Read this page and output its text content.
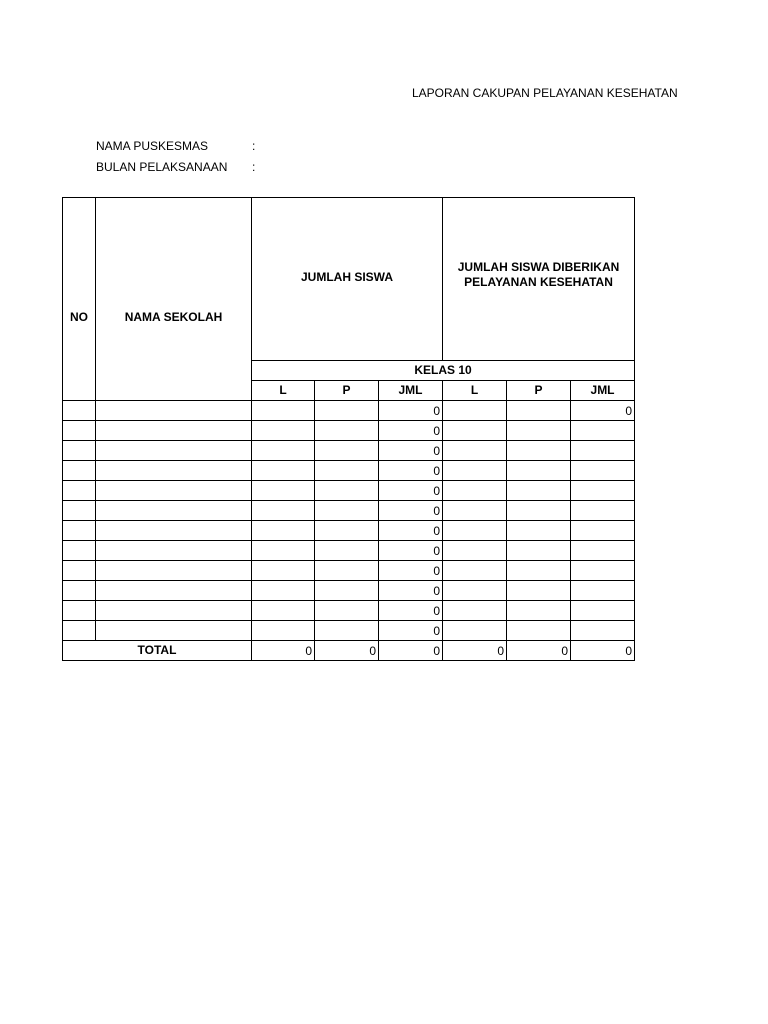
LAPORAN CAKUPAN PELAYANAN KESEHATAN
NAMA PUSKESMAS	:
BULAN PELAKSANAAN :
NO	NAMA SEKOLAH	JUMLAH SISWA			JUMLAH SISWA DIBERIKAN PELAYANAN KESEHATAN		
		KELAS 10					
		L	P	JML	L	P	JML
				0			0
				0			
				0			
				0			
				0			
				0			
				0			
				0			
				0			
				0			
				0			
				0			
TOTAL		0	0	0	0	0	0
